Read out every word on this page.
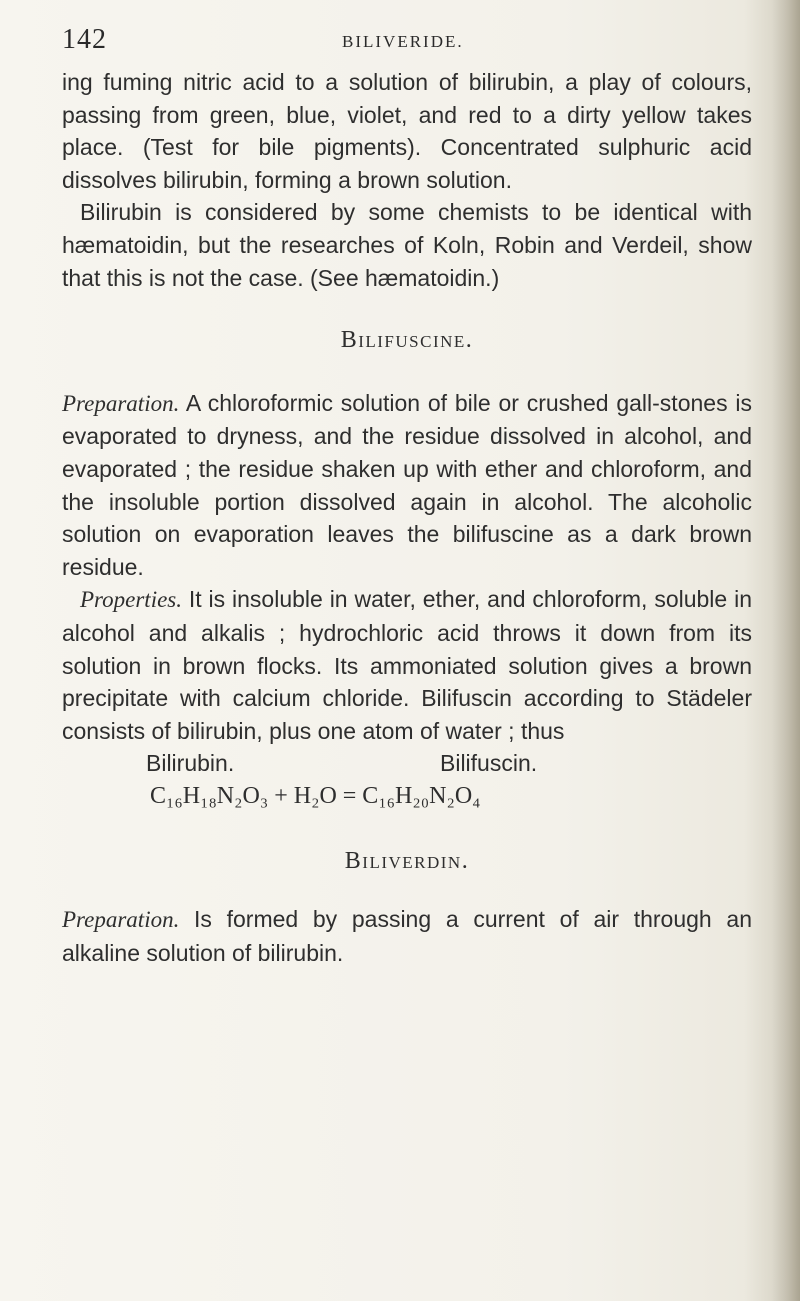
142	BILIVERIDE.

ing fuming nitric acid to a solution of bilirubin, a play of colours, passing from green, blue, violet, and red to a dirty yellow takes place. (Test for bile pigments). Concentrated sulphuric acid dissolves bilirubin, forming a brown solution.

Bilirubin is considered by some chemists to be identical with hæmatoidin, but the researches of Koln, Robin and Verdeil, show that this is not the case. (See hæmatoidin.)

Bilifuscine.

Preparation. A chloroformic solution of bile or crushed gall-stones is evaporated to dryness, and the residue dissolved in alcohol, and evaporated ; the residue shaken up with ether and chloroform, and the insoluble portion dissolved again in alcohol. The alcoholic solution on evaporation leaves the bilifuscine as a dark brown residue.

Properties. It is insoluble in water, ether, and chloroform, soluble in alcohol and alkalis ; hydrochloric acid throws it down from its solution in brown flocks. Its ammoniated solution gives a brown precipitate with calcium chloride. Bilifuscin according to Städeler consists of bilirubin, plus one atom of water ; thus

Bilirubin.	Bilifuscin.
C₁₆H₁₈N₂O₃ + H₂O = C₁₆H₂₀N₂O₄
Biliverdin.

Preparation. Is formed by passing a current of air through an alkaline solution of bilirubin.
